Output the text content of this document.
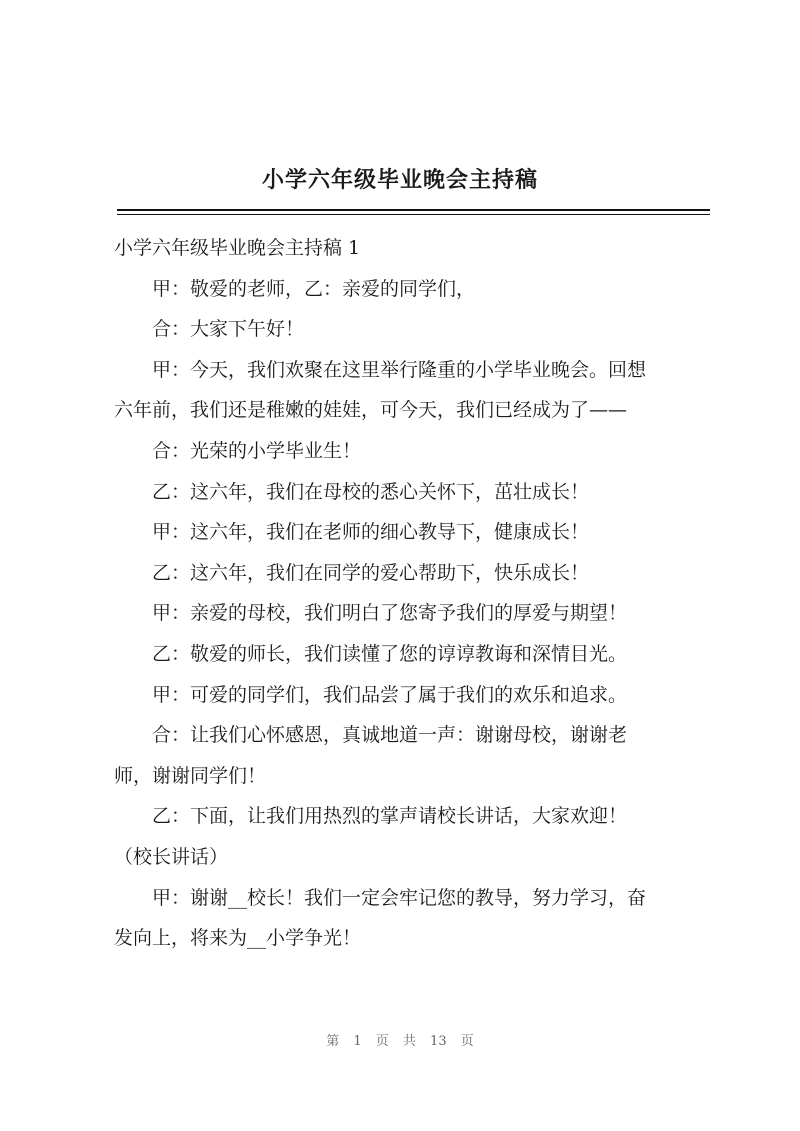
小学六年级毕业晚会主持稿
小学六年级毕业晚会主持稿 1
甲：敬爱的老师，乙：亲爱的同学们，
合：大家下午好！
甲：今天，我们欢聚在这里举行隆重的小学毕业晚会。回想
六年前，我们还是稚嫩的娃娃，可今天，我们已经成为了——
合：光荣的小学毕业生！
乙：这六年，我们在母校的悉心关怀下，茁壮成长！
甲：这六年，我们在老师的细心教导下，健康成长！
乙：这六年，我们在同学的爱心帮助下，快乐成长！
甲：亲爱的母校，我们明白了您寄予我们的厚爱与期望！
乙：敬爱的师长，我们读懂了您的谆谆教诲和深情目光。
甲：可爱的同学们，我们品尝了属于我们的欢乐和追求。
合：让我们心怀感恩，真诚地道一声：谢谢母校，谢谢老
师，谢谢同学们！
乙：下面，让我们用热烈的掌声请校长讲话，大家欢迎！
（校长讲话）
甲：谢谢__校长！我们一定会牢记您的教导，努力学习，奋
发向上，将来为__小学争光！
第 1 页 共 13 页
